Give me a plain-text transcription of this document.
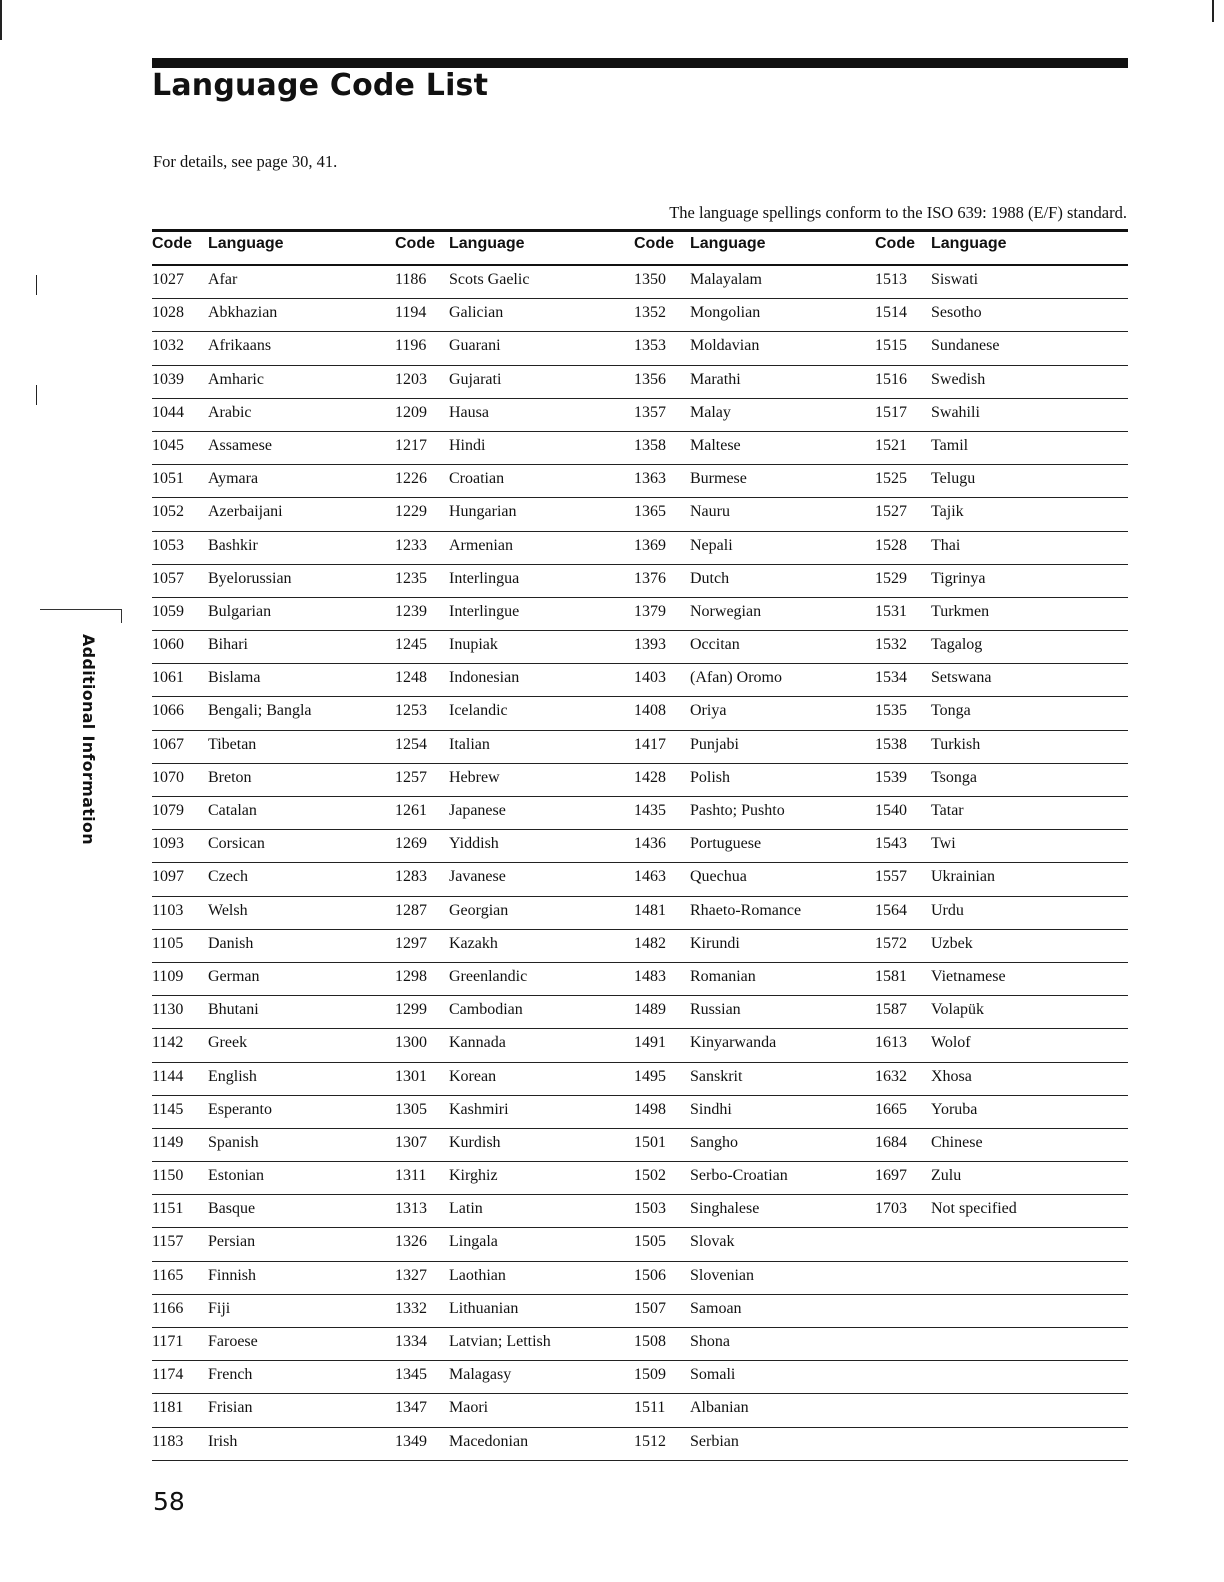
Language Code List
For details, see page 30, 41.
The language spellings conform to the ISO 639: 1988 (E/F) standard.
Code Language
1027 Afar
1028 Abkhazian
1032 Afrikaans
1039 Amharic
1044 Arabic
1045 Assamese
1051 Aymara
1052 Azerbaijani
1053 Bashkir
1057 Byelorussian
1059 Bulgarian
1060 Bihari
1061 Bislama
1066 Bengali; Bangla
1067 Tibetan
1070 Breton
1079 Catalan
1093 Corsican
1097 Czech
1103 Welsh
1105 Danish
1109 German
1130 Bhutani
1142 Greek
1144 English
1145 Esperanto
1149 Spanish
1150 Estonian
1151 Basque
1157 Persian
1165 Finnish
1166 Fiji
1171 Faroese
1174 French
1181 Frisian
1183 Irish
Code Language
1186 Scots Gaelic
1194 Galician
1196 Guarani
1203 Gujarati
1209 Hausa
1217 Hindi
1226 Croatian
1229 Hungarian
1233 Armenian
1235 Interlingua
1239 Interlingue
1245 Inupiak
1248 Indonesian
1253 Icelandic
1254 Italian
1257 Hebrew
1261 Japanese
1269 Yiddish
1283 Javanese
1287 Georgian
1297 Kazakh
1298 Greenlandic
1299 Cambodian
1300 Kannada
1301 Korean
1305 Kashmiri
1307 Kurdish
1311 Kirghiz
1313 Latin
1326 Lingala
1327 Laothian
1332 Lithuanian
1334 Latvian; Lettish
1345 Malagasy
1347 Maori
1349 Macedonian
Code Language
1350 Malayalam
1352 Mongolian
1353 Moldavian
1356 Marathi
1357 Malay
1358 Maltese
1363 Burmese
1365 Nauru
1369 Nepali
1376 Dutch
1379 Norwegian
1393 Occitan
1403 (Afan) Oromo
1408 Oriya
1417 Punjabi
1428 Polish
1435 Pashto; Pushto
1436 Portuguese
1463 Quechua
1481 Rhaeto-Romance
1482 Kirundi
1483 Romanian
1489 Russian
1491 Kinyarwanda
1495 Sanskrit
1498 Sindhi
1501 Sangho
1502 Serbo-Croatian
1503 Singhalese
1505 Slovak
1506 Slovenian
1507 Samoan
1508 Shona
1509 Somali
1511 Albanian
1512 Serbian
Code Language
1513 Siswati
1514 Sesotho
1515 Sundanese
1516 Swedish
1517 Swahili
1521 Tamil
1525 Telugu
1527 Tajik
1528 Thai
1529 Tigrinya
1531 Turkmen
1532 Tagalog
1534 Setswana
1535 Tonga
1538 Turkish
1539 Tsonga
1540 Tatar
1543 Twi
1557 Ukrainian
1564 Urdu
1572 Uzbek
1581 Vietnamese
1587 Volapük
1613 Wolof
1632 Xhosa
1665 Yoruba
1684 Chinese
1697 Zulu
1703 Not specified
Additional Information
58
